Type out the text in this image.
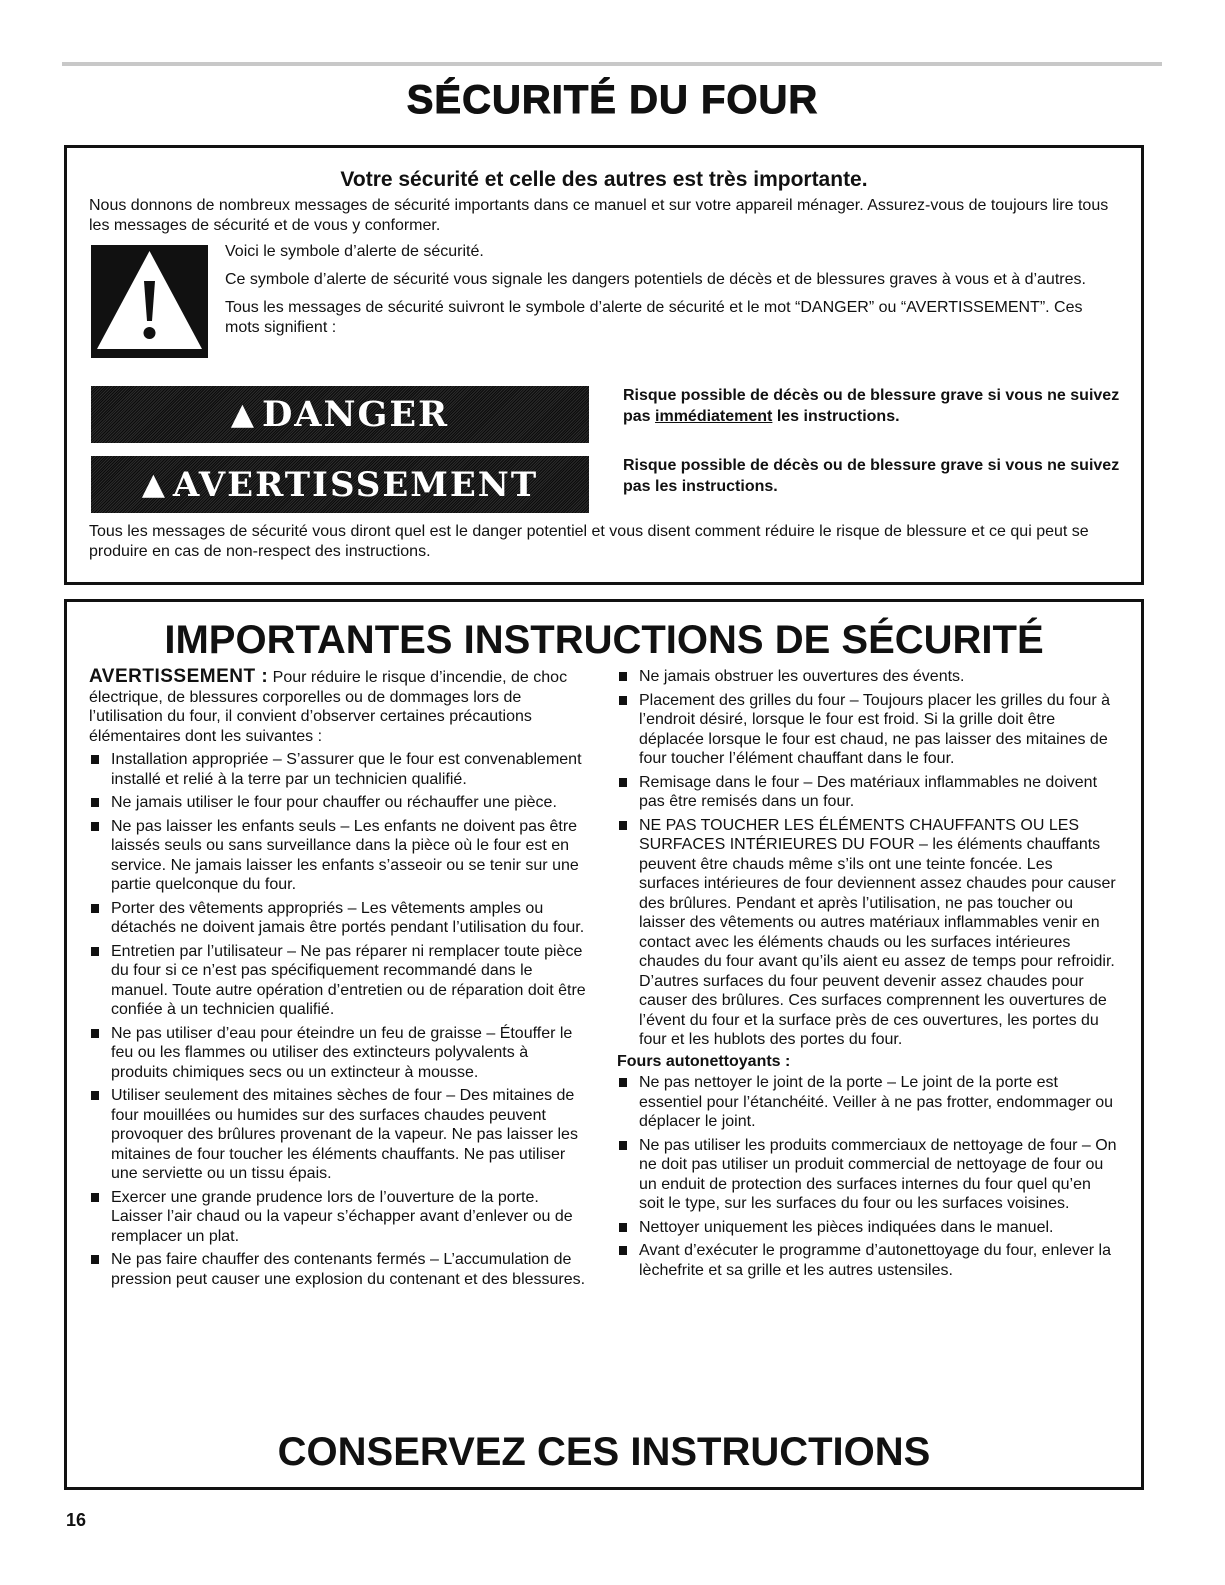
SÉCURITÉ DU FOUR
Votre sécurité et celle des autres est très importante.

Nous donnons de nombreux messages de sécurité importants dans ce manuel et sur votre appareil ménager. Assurez-vous de toujours lire tous les messages de sécurité et de vous y conformer.

Voici le symbole d’alerte de sécurité.

Ce symbole d’alerte de sécurité vous signale les dangers potentiels de décès et de blessures graves à vous et à d’autres.

Tous les messages de sécurité suivront le symbole d’alerte de sécurité et le mot “DANGER” ou “AVERTISSEMENT”. Ces mots signifient :

▲ DANGER	Risque possible de décès ou de blessure grave si vous ne suivez pas immédiatement les instructions.

▲ AVERTISSEMENT	Risque possible de décès ou de blessure grave si vous ne suivez pas les instructions.

Tous les messages de sécurité vous diront quel est le danger potentiel et vous disent comment réduire le risque de blessure et ce qui peut se produire en cas de non-respect des instructions.

IMPORTANTES INSTRUCTIONS DE SÉCURITÉ

AVERTISSEMENT : Pour réduire le risque d’incendie, de choc électrique, de blessures corporelles ou de dommages lors de l’utilisation du four, il convient d’observer certaines précautions élémentaires dont les suivantes :

Installation appropriée – S’assurer que le four est convenablement installé et relié à la terre par un technicien qualifié.
Ne jamais utiliser le four pour chauffer ou réchauffer une pièce.
Ne pas laisser les enfants seuls – Les enfants ne doivent pas être laissés seuls ou sans surveillance dans la pièce où le four est en service. Ne jamais laisser les enfants s’asseoir ou se tenir sur une partie quelconque du four.
Porter des vêtements appropriés – Les vêtements amples ou détachés ne doivent jamais être portés pendant l’utilisation du four.
Entretien par l’utilisateur – Ne pas réparer ni remplacer toute pièce du four si ce n’est pas spécifiquement recommandé dans le manuel. Toute autre opération d’entretien ou de réparation doit être confiée à un technicien qualifié.
Ne pas utiliser d’eau pour éteindre un feu de graisse – Étouffer le feu ou les flammes ou utiliser des extincteurs polyvalents à produits chimiques secs ou un extincteur à mousse.
Utiliser seulement des mitaines sèches de four – Des mitaines de four mouillées ou humides sur des surfaces chaudes peuvent provoquer des brûlures provenant de la vapeur. Ne pas laisser les mitaines de four toucher les éléments chauffants. Ne pas utiliser une serviette ou un tissu épais.
Exercer une grande prudence lors de l’ouverture de la porte. Laisser l’air chaud ou la vapeur s’échapper avant d’enlever ou de remplacer un plat.
Ne pas faire chauffer des contenants fermés – L’accumulation de pression peut causer une explosion du contenant et des blessures.
Ne jamais obstruer les ouvertures des évents.
Placement des grilles du four – Toujours placer les grilles du four à l’endroit désiré, lorsque le four est froid. Si la grille doit être déplacée lorsque le four est chaud, ne pas laisser des mitaines de four toucher l’élément chauffant dans le four.
Remisage dans le four – Des matériaux inflammables ne doivent pas être remisés dans un four.
NE PAS TOUCHER LES ÉLÉMENTS CHAUFFANTS OU LES SURFACES INTÉRIEURES DU FOUR – les éléments chauffants peuvent être chauds même s’ils ont une teinte foncée. Les surfaces intérieures de four deviennent assez chaudes pour causer des brûlures. Pendant et après l’utilisation, ne pas toucher ou laisser des vêtements ou autres matériaux inflammables venir en contact avec les éléments chauds ou les surfaces intérieures chaudes du four avant qu’ils aient eu assez de temps pour refroidir. D’autres surfaces du four peuvent devenir assez chaudes pour causer des brûlures. Ces surfaces comprennent les ouvertures de l’évent du four et la surface près de ces ouvertures, les portes du four et les hublots des portes du four.

Fours autonettoyants :

Ne pas nettoyer le joint de la porte – Le joint de la porte est essentiel pour l’étanchéité. Veiller à ne pas frotter, endommager ou déplacer le joint.
Ne pas utiliser les produits commerciaux de nettoyage de four – On ne doit pas utiliser un produit commercial de nettoyage de four ou un enduit de protection des surfaces internes du four quel qu’en soit le type, sur les surfaces du four ou les surfaces voisines.
Nettoyer uniquement les pièces indiquées dans le manuel.
Avant d’exécuter le programme d’autonettoyage du four, enlever la lèchefrite et sa grille et les autres ustensiles.
CONSERVEZ CES INSTRUCTIONS
16
